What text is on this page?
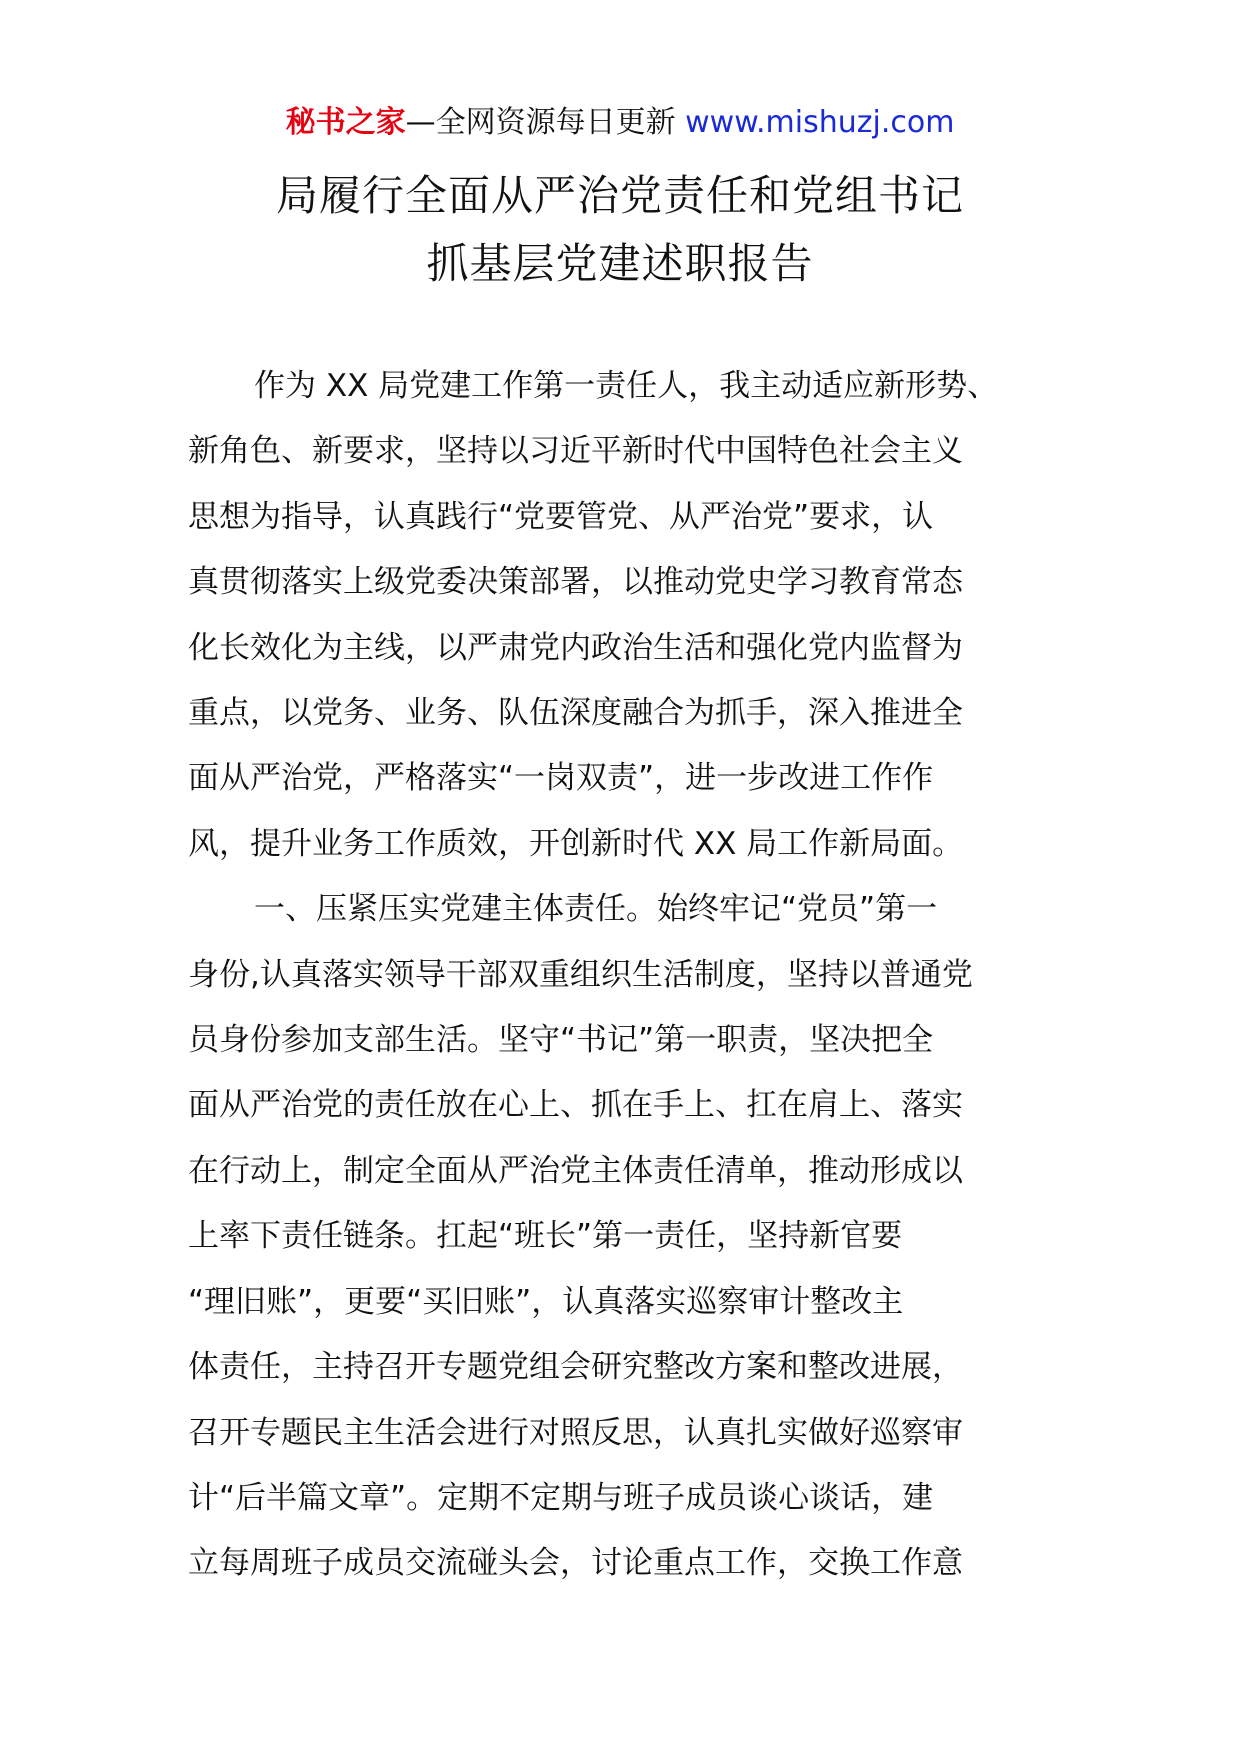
秘书之家—全网资源每日更新 www.mishuzj.com
局履行全面从严治党责任和党组书记
抓基层党建述职报告
作为 XX 局党建工作第一责任人，我主动适应新形势、
新角色、新要求，坚持以习近平新时代中国特色社会主义
思想为指导，认真践行“党要管党、从严治党”要求，认
真贯彻落实上级党委决策部署，以推动党史学习教育常态
化长效化为主线，以严肃党内政治生活和强化党内监督为
重点，以党务、业务、队伍深度融合为抓手，深入推进全
面从严治党，严格落实“一岗双责”，进一步改进工作作
风，提升业务工作质效，开创新时代 XX 局工作新局面。
一、压紧压实党建主体责任。始终牢记“党员”第一
身份,认真落实领导干部双重组织生活制度，坚持以普通党
员身份参加支部生活。坚守“书记”第一职责，坚决把全
面从严治党的责任放在心上、抓在手上、扛在肩上、落实
在行动上，制定全面从严治党主体责任清单，推动形成以
上率下责任链条。扛起“班长”第一责任，坚持新官要
“理旧账”，更要“买旧账”，认真落实巡察审计整改主
体责任，主持召开专题党组会研究整改方案和整改进展，
召开专题民主生活会进行对照反思，认真扎实做好巡察审
计“后半篇文章”。定期不定期与班子成员谈心谈话，建
立每周班子成员交流碰头会，讨论重点工作，交换工作意
